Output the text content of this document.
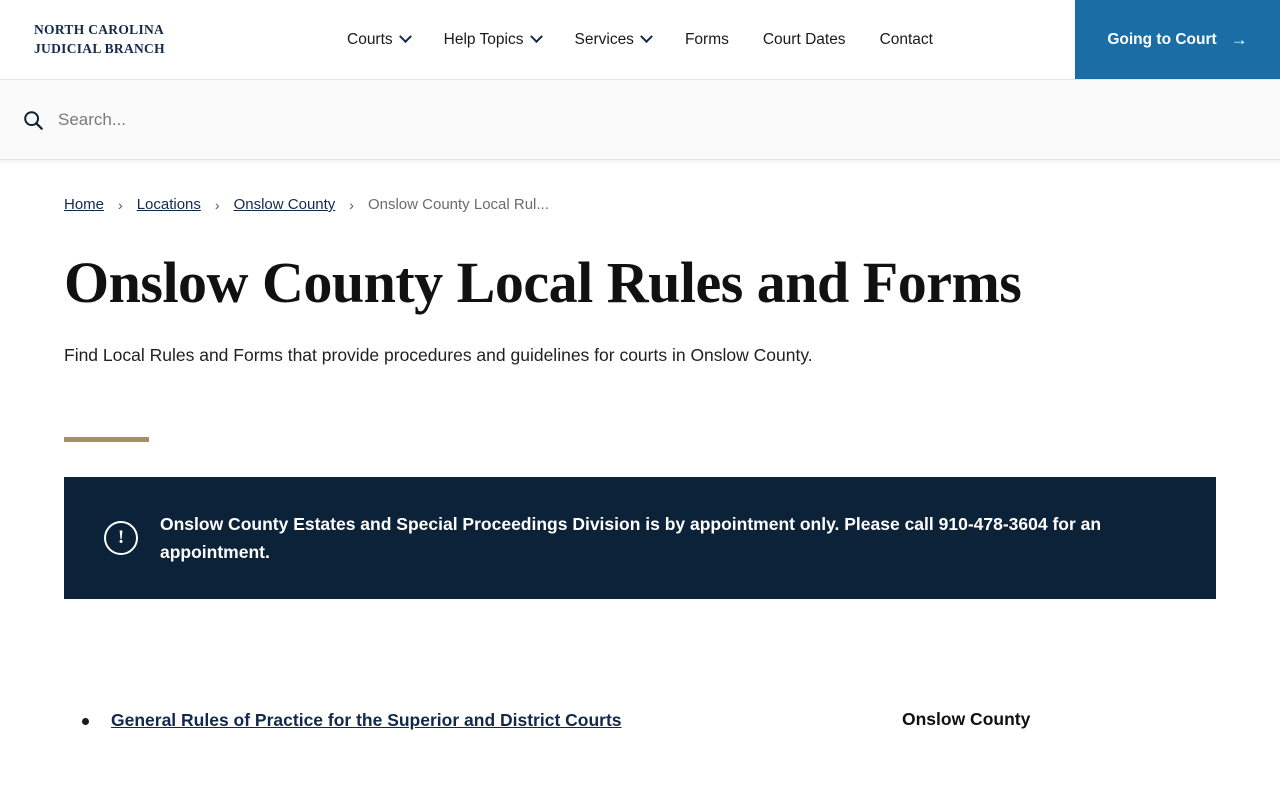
NORTH CAROLINA
JUDICIAL BRANCH
Courts	Help Topics	Services	Forms Court Dates Contact	Going to Court →
Search...
Home	› Locations	› Onslow County	› Onslow County Local Rul...
Onslow County Local Rules and Forms

Find Local Rules and Forms that provide procedures and guidelines for courts in Onslow County.

!
Onslow County Estates and Special Proceedings Division is by appointment only. Please call 910-478-3604 for an appointment.
General Rules of Practice for the Superior and District Courts	Onslow County
